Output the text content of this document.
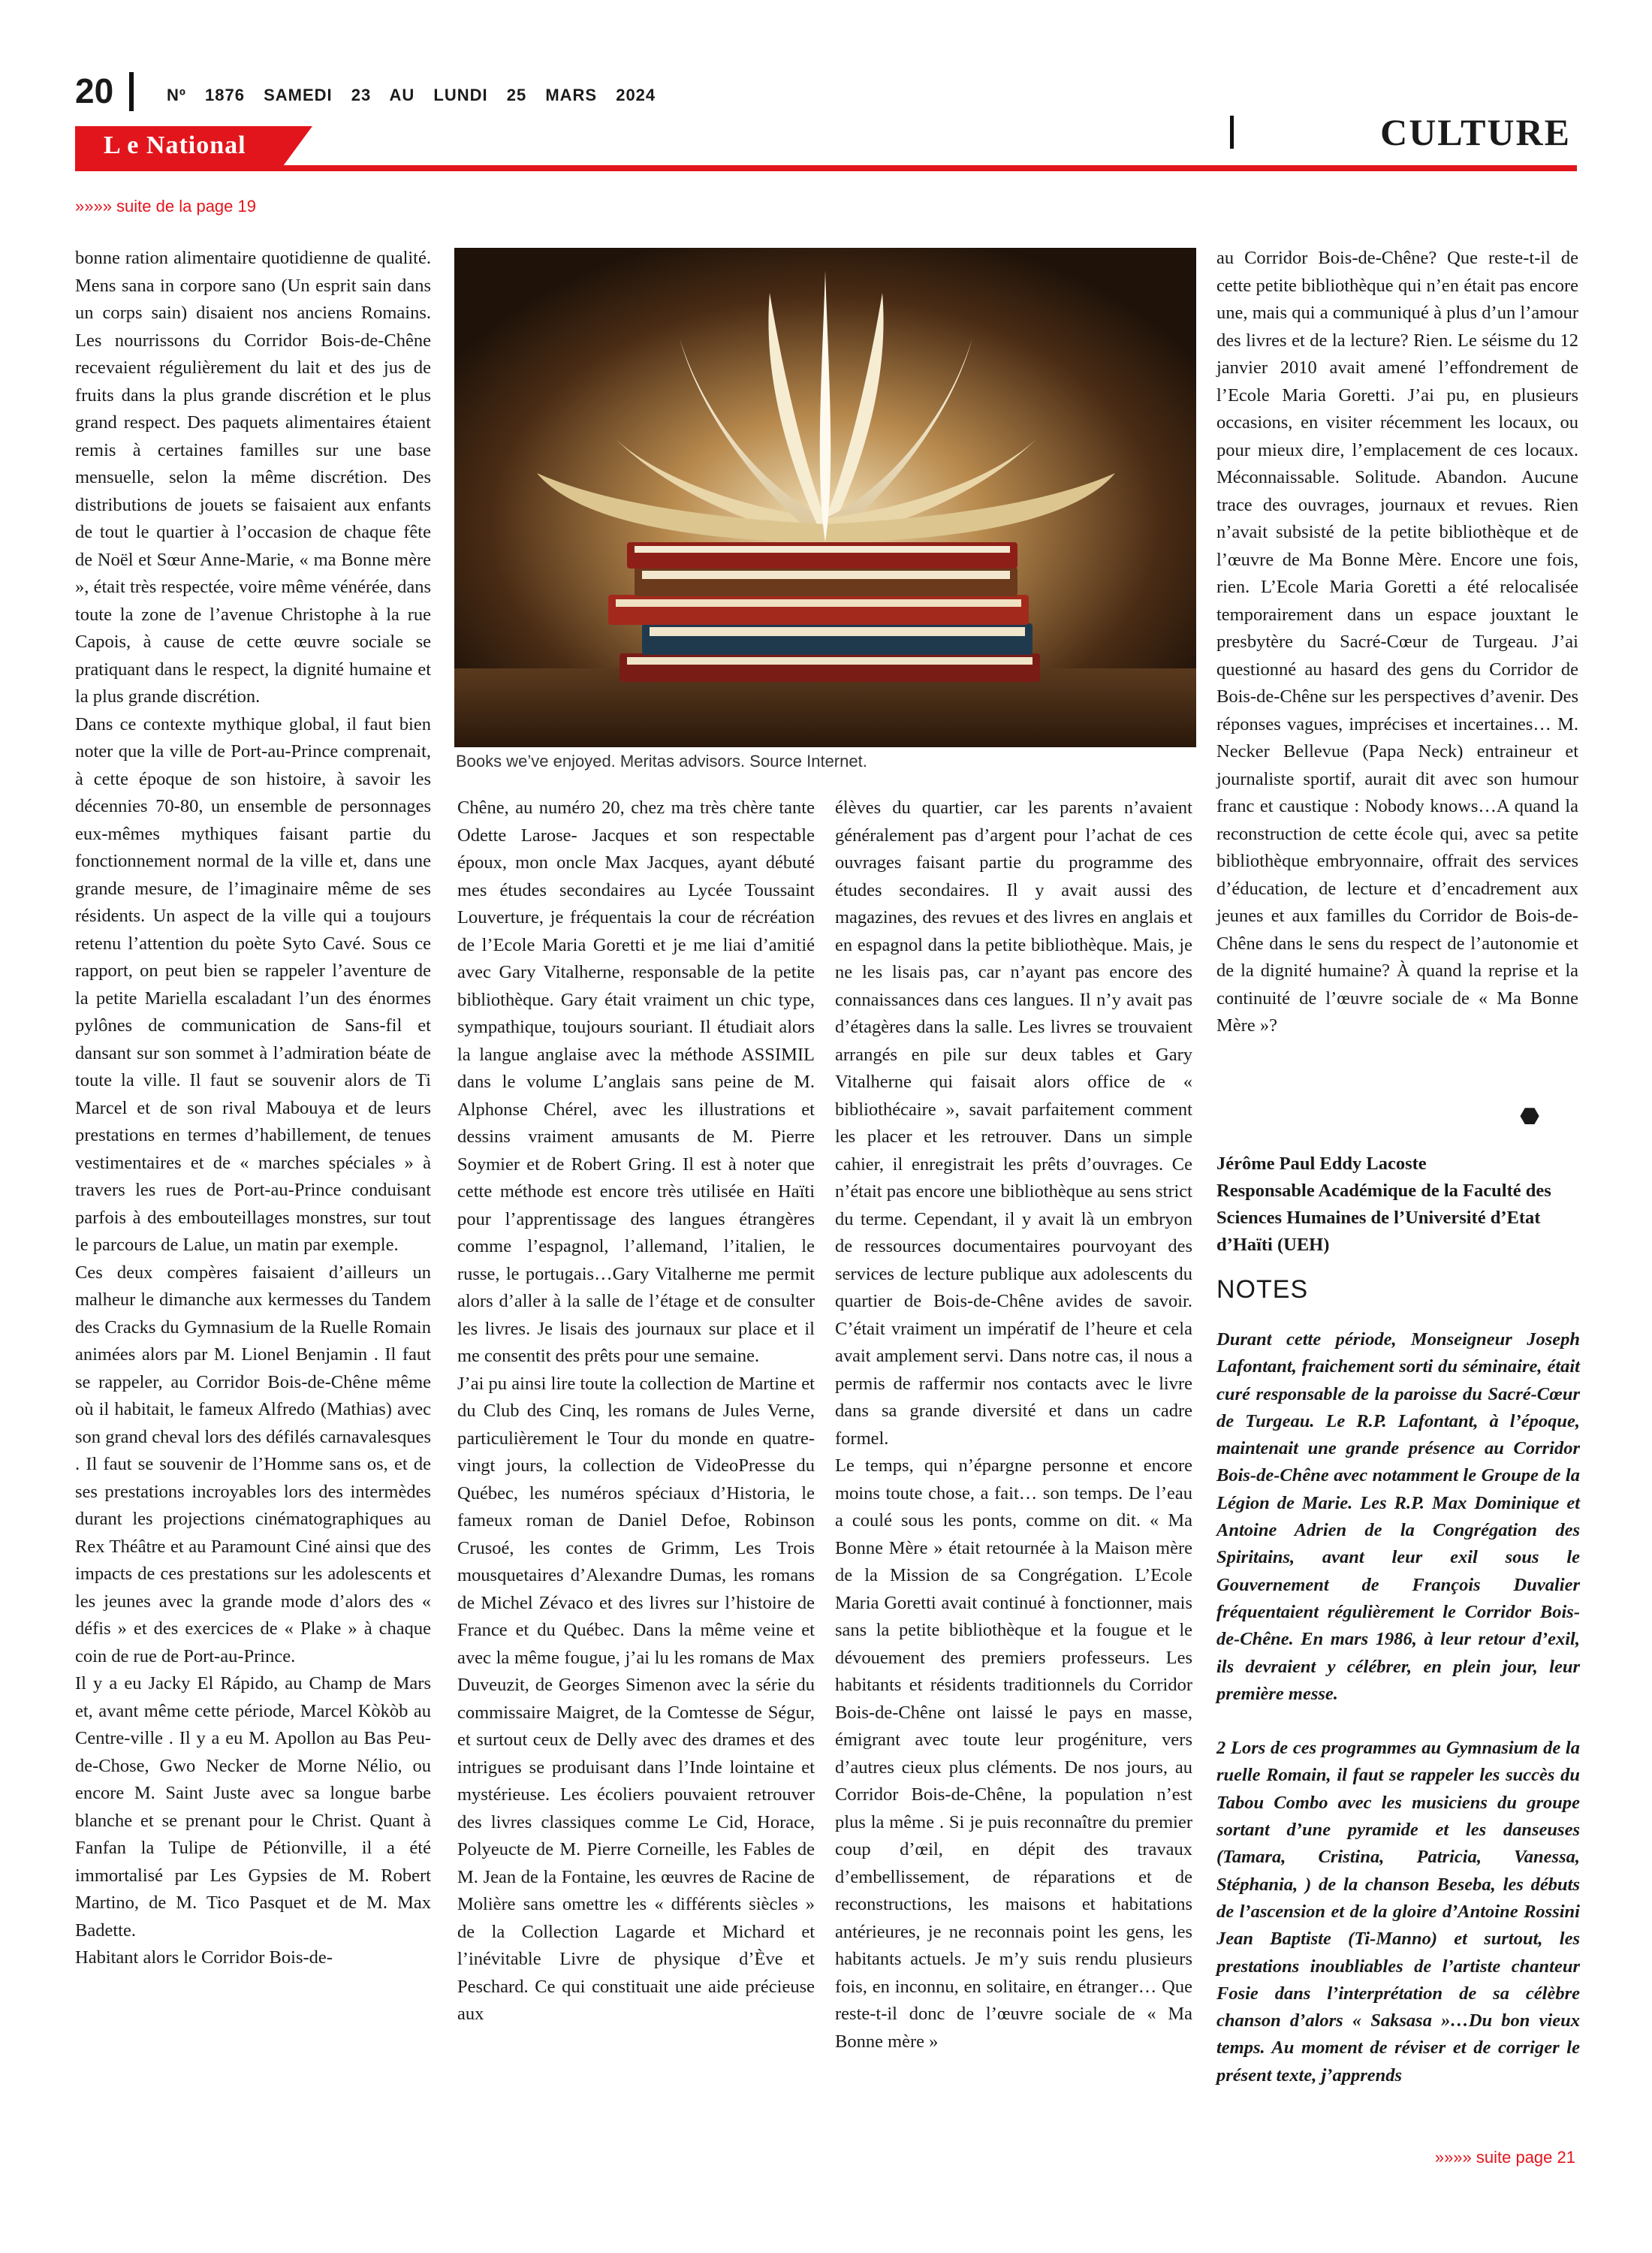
20	Nº 1876 SAMEDI 23 AU LUNDI 25 MARS 2024
CULTURE
L e National
»»»» suite de la page 19

bonne ration alimentaire quotidienne de qualité. Mens sana in corpore sano (Un esprit sain dans un corps sain) disaient nos anciens Romains. Les nourrissons du Corridor Bois-de-Chêne recevaient régulièrement du lait et des jus de fruits dans la plus grande discrétion et le plus grand respect. Des paquets alimentaires étaient remis à certaines familles sur une base mensuelle, selon la même discrétion. Des distributions de jouets se faisaient aux enfants de tout le quartier à l’occasion de chaque fête de Noël et Sœur Anne-Marie, « ma Bonne mère », était très respectée, voire même vénérée, dans toute la zone de l’avenue Christophe à la rue Capois, à cause de cette œuvre sociale se pratiquant dans le respect, la dignité humaine et la plus grande discrétion.

Dans ce contexte mythique global, il faut bien noter que la ville de Port-au-Prince comprenait, à cette époque de son histoire, à savoir les décennies 70-80, un ensemble de personnages eux-mêmes mythiques faisant partie du fonctionnement normal de la ville et, dans une grande mesure, de l’imaginaire même de ses résidents. Un aspect de la ville qui a toujours retenu l’attention du poète Syto Cavé. Sous ce rapport, on peut bien se rappeler l’aventure de la petite Mariella escaladant l’un des énormes pylônes de communication de Sans-fil et dansant sur son sommet à l’admiration béate de toute la ville. Il faut se souvenir alors de Ti Marcel et de son rival Mabouya et de leurs prestations en termes d’habillement, de tenues vestimentaires et de « marches spéciales » à travers les rues de Port-au-Prince conduisant parfois à des embouteillages monstres, sur tout le parcours de Lalue, un matin par exemple.

Ces deux compères faisaient d’ailleurs un malheur le dimanche aux kermesses du Tandem des Cracks du Gymnasium de la Ruelle Romain animées alors par M. Lionel Benjamin . Il faut se rappeler, au Corridor Bois-de-Chêne même où il habitait, le fameux Alfredo (Mathias) avec son grand cheval lors des défilés carnavalesques . Il faut se souvenir de l’Homme sans os, et de ses prestations incroyables lors des intermèdes durant les projections cinématographiques au Rex Théâtre et au Paramount Ciné ainsi que des impacts de ces prestations sur les adolescents et les jeunes avec la grande mode d’alors des « défis » et des exercices de « Plake » à chaque coin de rue de Port-au-Prince.

Il y a eu Jacky El Rápido, au Champ de Mars et, avant même cette période, Marcel Kòkòb au Centre-ville . Il y a eu M. Apollon au Bas Peu-de-Chose, Gwo Necker de Morne Nélio, ou encore M. Saint Juste avec sa longue barbe blanche et se prenant pour le Christ. Quant à Fanfan la Tulipe de Pétionville, il a été immortalisé par Les Gypsies de M. Robert Martino, de M. Tico Pasquet et de M. Max Badette.

Habitant alors le Corridor Bois-de-

Books we’ve enjoyed. Meritas advisors. Source Internet.

Chêne, au numéro 20, chez ma très chère tante Odette Larose- Jacques et son respectable époux, mon oncle Max Jacques, ayant débuté mes études secondaires au Lycée Toussaint Louverture, je fréquentais la cour de récréation de l’Ecole Maria Goretti et je me liai d’amitié avec Gary Vitalherne, responsable de la petite bibliothèque. Gary était vraiment un chic type, sympathique, toujours souriant. Il étudiait alors la langue anglaise avec la méthode ASSIMIL dans le volume L’anglais sans peine de M. Alphonse Chérel, avec les illustrations et dessins vraiment amusants de M. Pierre Soymier et de Robert Gring. Il est à noter que cette méthode est encore très utilisée en Haïti pour l’apprentissage des langues étrangères comme l’espagnol, l’allemand, l’italien, le russe, le portugais…Gary Vitalherne me permit alors d’aller à la salle de l’étage et de consulter les livres. Je lisais des journaux sur place et il me consentit des prêts pour une semaine.

J’ai pu ainsi lire toute la collection de Martine et du Club des Cinq, les romans de Jules Verne, particulièrement le Tour du monde en quatre-vingt jours, la collection de VideoPresse du Québec, les numéros spéciaux d’Historia, le fameux roman de Daniel Defoe, Robinson Crusoé, les contes de Grimm, Les Trois mousquetaires d’Alexandre Dumas, les romans de Michel Zévaco et des livres sur l’histoire de France et du Québec. Dans la même veine et avec la même fougue, j’ai lu les romans de Max Duveuzit, de Georges Simenon avec la série du commissaire Maigret, de la Comtesse de Ségur, et surtout ceux de Delly avec des drames et des intrigues se produisant dans l’Inde lointaine et mystérieuse. Les écoliers pouvaient retrouver des livres classiques comme Le Cid, Horace, Polyeucte de M. Pierre Corneille, les Fables de M. Jean de la Fontaine, les œuvres de Racine de Molière sans omettre les « différents siècles » de la Collection Lagarde et Michard et l’inévitable Livre de physique d’Ève et Peschard. Ce qui constituait une aide précieuse aux

élèves du quartier, car les parents n’avaient généralement pas d’argent pour l’achat de ces ouvrages faisant partie du programme des études secondaires. Il y avait aussi des magazines, des revues et des livres en anglais et en espagnol dans la petite bibliothèque. Mais, je ne les lisais pas, car n’ayant pas encore des connaissances dans ces langues. Il n’y avait pas d’étagères dans la salle. Les livres se trouvaient arrangés en pile sur deux tables et Gary Vitalherne qui faisait alors office de « bibliothécaire », savait parfaitement comment les placer et les retrouver. Dans un simple cahier, il enregistrait les prêts d’ouvrages. Ce n’était pas encore une bibliothèque au sens strict du terme. Cependant, il y avait là un embryon de ressources documentaires pourvoyant des services de lecture publique aux adolescents du quartier de Bois-de-Chêne avides de savoir. C’était vraiment un impératif de l’heure et cela avait amplement servi. Dans notre cas, il nous a permis de raffermir nos contacts avec le livre dans sa grande diversité et dans un cadre formel.

Le temps, qui n’épargne personne et encore moins toute chose, a fait… son temps. De l’eau a coulé sous les ponts, comme on dit. « Ma Bonne Mère » était retournée à la Maison mère de la Mission de sa Congrégation. L’Ecole Maria Goretti avait continué à fonctionner, mais sans la petite bibliothèque et la fougue et le dévouement des premiers professeurs. Les habitants et résidents traditionnels du Corridor Bois-de-Chêne ont laissé le pays en masse, émigrant avec toute leur progéniture, vers d’autres cieux plus cléments. De nos jours, au Corridor Bois-de-Chêne, la population n’est plus la même . Si je puis reconnaître du premier coup d’œil, en dépit des travaux d’embellissement, de réparations et de reconstructions, les maisons et habitations antérieures, je ne reconnais point les gens, les habitants actuels. Je m’y suis rendu plusieurs fois, en inconnu, en solitaire, en étranger… Que reste-t-il donc de l’œuvre sociale de « Ma Bonne mère »

au Corridor Bois-de-Chêne? Que reste-t-il de cette petite bibliothèque qui n’en était pas encore une, mais qui a communiqué à plus d’un l’amour des livres et de la lecture? Rien. Le séisme du 12 janvier 2010 avait amené l’effondrement de l’Ecole Maria Goretti. J’ai pu, en plusieurs occasions, en visiter récemment les locaux, ou pour mieux dire, l’emplacement de ces locaux. Méconnaissable. Solitude. Abandon. Aucune trace des ouvrages, journaux et revues. Rien n’avait subsisté de la petite bibliothèque et de l’œuvre de Ma Bonne Mère. Encore une fois, rien. L’Ecole Maria Goretti a été relocalisée temporairement dans un espace jouxtant le presbytère du Sacré-Cœur de Turgeau. J’ai questionné au hasard des gens du Corridor de Bois-de-Chêne sur les perspectives d’avenir. Des réponses vagues, imprécises et incertaines… M. Necker Bellevue (Papa Neck) entraineur et journaliste sportif, aurait dit avec son humour franc et caustique : Nobody knows…A quand la reconstruction de cette école qui, avec sa petite bibliothèque embryonnaire, offrait des services d’éducation, de lecture et d’encadrement aux jeunes et aux familles du Corridor de Bois-de-Chêne dans le sens du respect de l’autonomie et de la dignité humaine? À quand la reprise et la continuité de l’œuvre sociale de « Ma Bonne Mère »?

⬣
Jérôme Paul Eddy Lacoste
Responsable Académique de la Faculté des Sciences Humaines de l’Université d’Etat d’Haïti (UEH)
NOTES

Durant cette période, Monseigneur Joseph Lafontant, fraichement sorti du séminaire, était curé responsable de la paroisse du Sacré-Cœur de Turgeau. Le R.P. Lafontant, à l’époque, maintenait une grande présence au Corridor Bois-de-Chêne avec notamment le Groupe de la Légion de Marie. Les R.P. Max Dominique et Antoine Adrien de la Congrégation des Spiritains, avant leur exil sous le Gouvernement de François Duvalier fréquentaient régulièrement le Corridor Bois-de-Chêne. En mars 1986, à leur retour d’exil, ils devraient y célébrer, en plein jour, leur première messe.

2 Lors de ces programmes au Gymnasium de la ruelle Romain, il faut se rappeler les succès du Tabou Combo avec les musiciens du groupe sortant d’une pyramide et les danseuses (Tamara, Cristina, Patricia, Vanessa, Stéphania, ) de la chanson Beseba, les débuts de l’ascension et de la gloire d’Antoine Rossini Jean Baptiste (Ti-Manno) et surtout, les prestations inoubliables de l’artiste chanteur Fosie dans l’interprétation de sa célèbre chanson d’alors « Saksasa »…Du bon vieux temps. Au moment de réviser et de corriger le présent texte, j’apprends

»»»» suite page 21
